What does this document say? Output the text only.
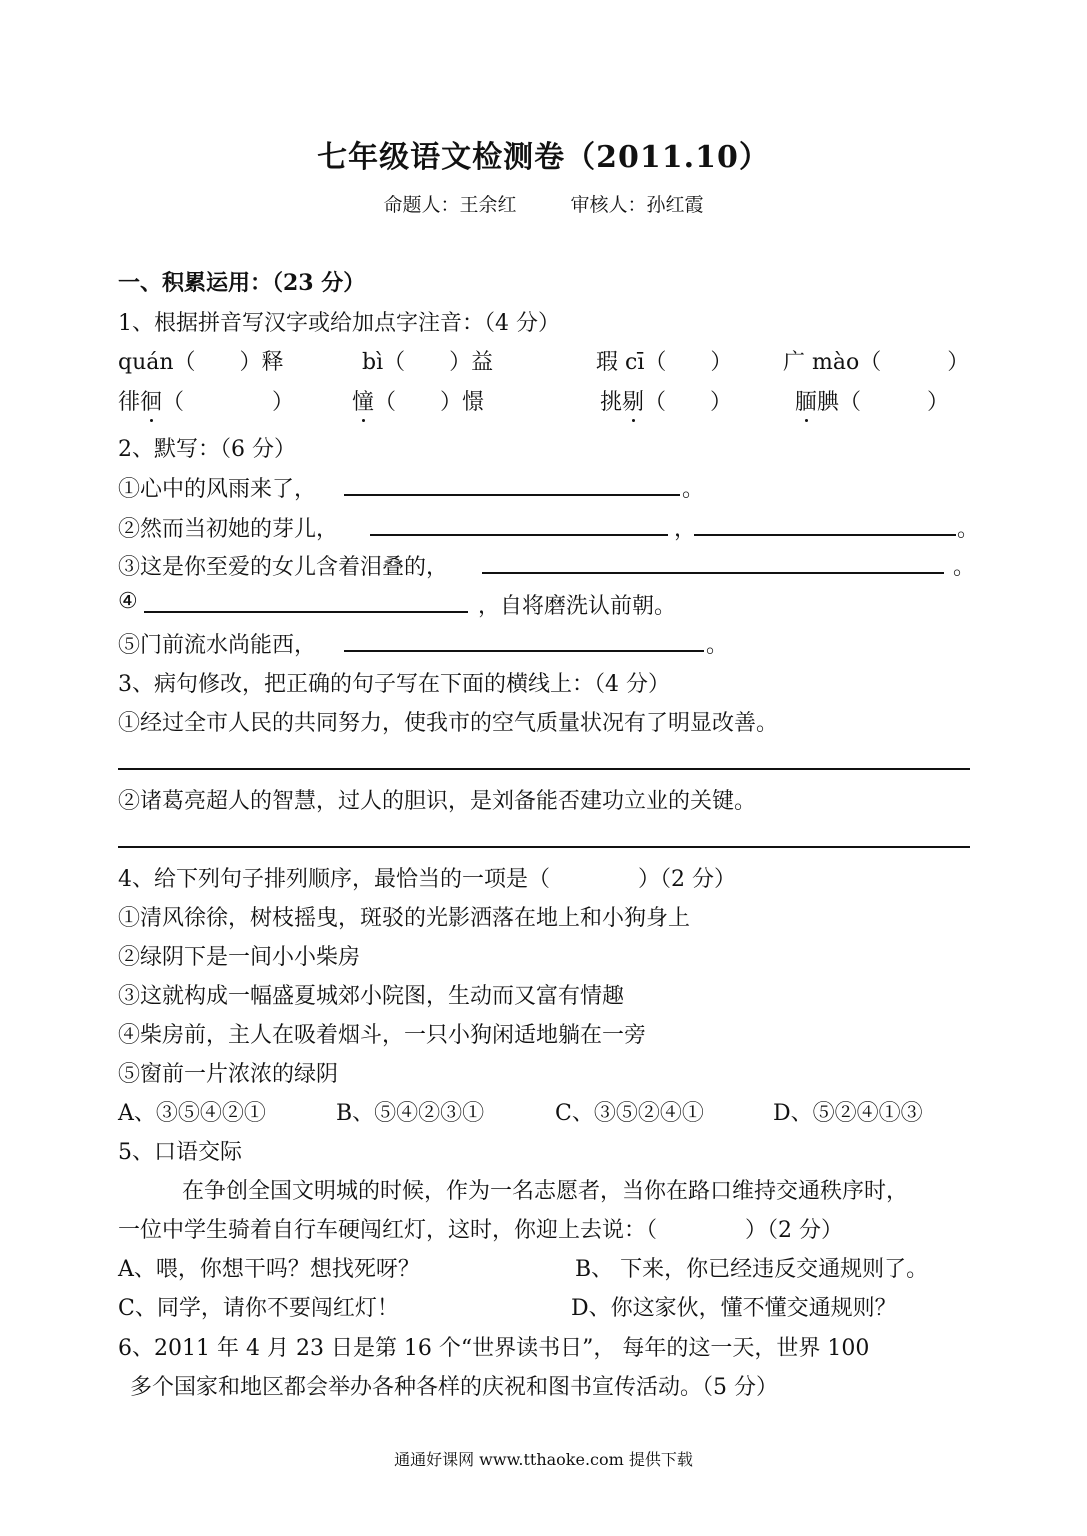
七年级语文检测卷（2011.10）
命题人：王余红	审核人：孙红霞
一、积累运用：（23 分）
1、根据拼音写汉字或给加点字注音：（4 分）
quán（　　）释	bì（　　）益	瑕 cī（　　） 广 mào（　　　）
徘徊（　　　　）	憧（　　）憬	挑剔（　　）	腼腆（　　　）
2、默写：（6 分）
①心中的风雨来了，	。
②然而当初她的芽儿，	，	。
③这是你至爱的女儿含着泪叠的，	。
④	，自将磨洗认前朝。
⑤门前流水尚能西，	。
3、病句修改，把正确的句子写在下面的横线上：（4 分）
①经过全市人民的共同努力，使我市的空气质量状况有了明显改善。
②诸葛亮超人的智慧，过人的胆识，是刘备能否建功立业的关键。
4、给下列句子排列顺序，最恰当的一项是（　　　　）（2 分）
①清风徐徐，树枝摇曳，斑驳的光影洒落在地上和小狗身上
②绿阴下是一间小小柴房
③这就构成一幅盛夏城郊小院图，生动而又富有情趣
④柴房前，主人在吸着烟斗，一只小狗闲适地躺在一旁
⑤窗前一片浓浓的绿阴
A、③⑤④②①	B、⑤④②③①	C、③⑤②④①	D、⑤②④①③
5、口语交际
在争创全国文明城的时候，作为一名志愿者，当你在路口维持交通秩序时，
一位中学生骑着自行车硬闯红灯，这时，你迎上去说：（　　　　）（2 分）
A、喂，你想干吗？想找死呀？	B、 下来，你已经违反交通规则了。
C、同学，请你不要闯红灯！	D、你这家伙，懂不懂交通规则？
6、2011 年 4 月 23 日是第 16 个“世界读书日”， 每年的这一天，世界 100
多个国家和地区都会举办各种各样的庆祝和图书宣传活动。（5 分）
通通好课网 www.tthaoke.com 提供下载
